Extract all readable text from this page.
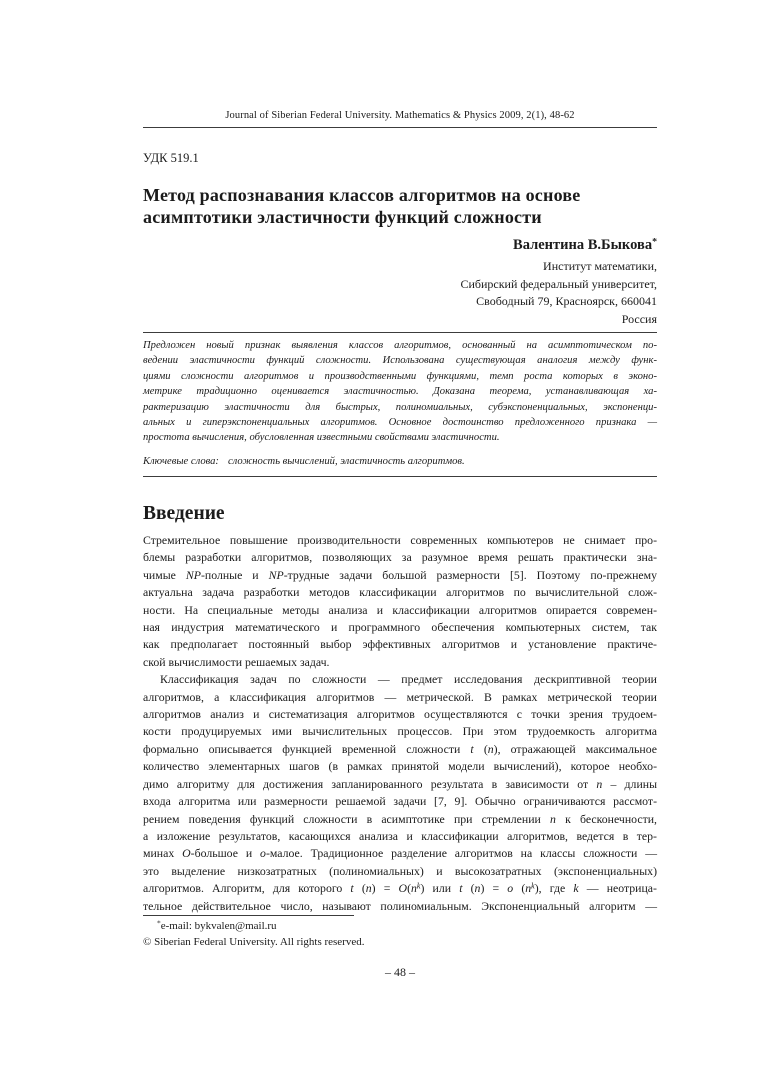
Journal of Siberian Federal University. Mathematics & Physics 2009, 2(1), 48-62
УДК 519.1
Метод распознавания классов алгоритмов на основе асимптотики эластичности функций сложности
Валентина В.Быкова*
Институт математики,
Сибирский федеральный университет,
Свободный 79, Красноярск, 660041
Россия
Предложен новый признак выявления классов алгоритмов, основанный на асимптотическом по-
ведении эластичности функций сложности. Использована существующая аналогия между функ-
циями сложности алгоритмов и производственными функциями, темп роста которых в эконо-
метрике традиционно оценивается эластичностью. Доказана теорема, устанавливающая ха-
рактеризацию эластичности для быстрых, полиномиальных, субэкспоненциальных, экспоненци-
альных и гиперэкспоненциальных алгоритмов. Основное достоинство предложенного признака —
простота вычисления, обусловленная известными свойствами эластичности.
Ключевые слова: сложность вычислений, эластичность алгоритмов.
Введение
Стремительное повышение производительности современных компьютеров не снимает про-
блемы разработки алгоритмов, позволяющих за разумное время решать практически зна-
чимые NP-полные и NP-трудные задачи большой размерности [5]. Поэтому по-прежнему
актуальна задача разработки методов классификации алгоритмов по вычислительной слож-
ности. На специальные методы анализа и классификации алгоритмов опирается современ-
ная индустрия математического и программного обеспечения компьютерных систем, так
как предполагает постоянный выбор эффективных алгоритмов и установление практиче-
ской вычислимости решаемых задач.
Классификация задач по сложности — предмет исследования дескриптивной теории
алгоритмов, а классификация алгоритмов — метрической. В рамках метрической теории
алгоритмов анализ и систематизация алгоритмов осуществляются с точки зрения трудоем-
кости продуцируемых ими вычислительных процессов. При этом трудоемкость алгоритма
формально описывается функцией временной сложности t (n), отражающей максимальное
количество элементарных шагов (в рамках принятой модели вычислений), которое необхо-
димо алгоритму для достижения запланированного результата в зависимости от n – длины
входа алгоритма или размерности решаемой задачи [7, 9]. Обычно ограничиваются рассмот-
рением поведения функций сложности в асимптотике при стремлении n к бесконечности,
а изложение результатов, касающихся анализа и классификации алгоритмов, ведется в тер-
минах O-большое и o-малое. Традиционное разделение алгоритмов на классы сложности —
это выделение низкозатратных (полиномиальных) и высокозатратных (экспоненциальных)
алгоритмов. Алгоритм, для которого t $(n) = O(n^k)$ или t (n) = o $(n^k)$, где k — неотрица-
тельное действительное число, называют полиномиальным. Экспоненциальный алгоритм —
*e-mail: bykvalen@mail.ru
© Siberian Federal University. All rights reserved.
– 48 –
